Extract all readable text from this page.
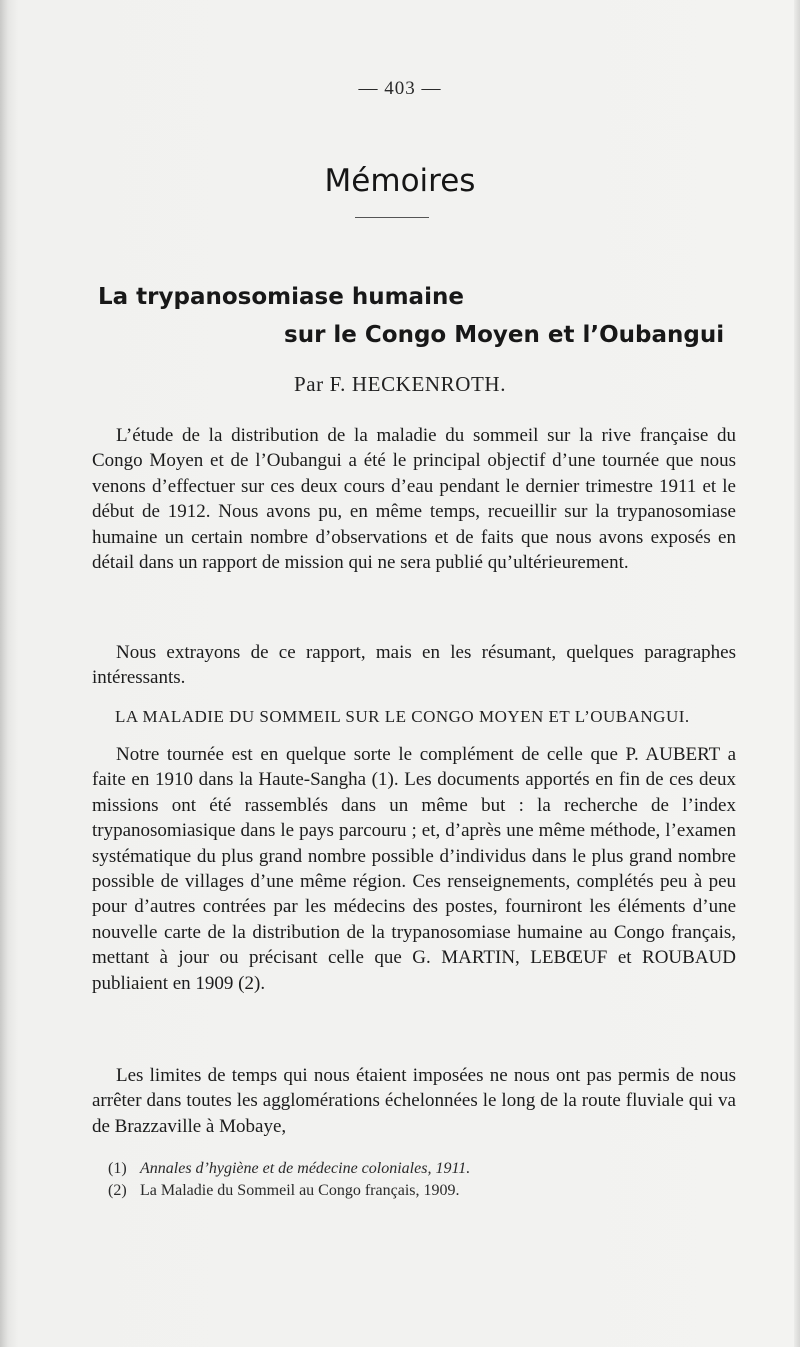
— 403 —
Mémoires
La trypanosomiase humaine
sur le Congo Moyen et l’Oubangui
Par F. HECKENROTH.

L’étude de la distribution de la maladie du sommeil sur la rive française du Congo Moyen et de l’Oubangui a été le principal objectif d’une tournée que nous venons d’effectuer sur ces deux cours d’eau pendant le dernier trimestre 1911 et le début de 1912. Nous avons pu, en même temps, recueillir sur la trypanosomiase humaine un certain nombre d’observations et de faits que nous avons exposés en détail dans un rapport de mission qui ne sera publié qu’ultérieurement.

Nous extrayons de ce rapport, mais en les résumant, quelques paragraphes intéressants.

LA MALADIE DU SOMMEIL SUR LE CONGO MOYEN ET L’OUBANGUI.

Notre tournée est en quelque sorte le complément de celle que P. AUBERT a faite en 1910 dans la Haute-Sangha (1). Les documents apportés en fin de ces deux missions ont été rassemblés dans un même but : la recherche de l’index trypanosomiasique dans le pays parcouru ; et, d’après une même méthode, l’examen systématique du plus grand nombre possible d’individus dans le plus grand nombre possible de villages d’une même région. Ces renseignements, complétés peu à peu pour d’autres contrées par les médecins des postes, fourniront les éléments d’une nouvelle carte de la distribution de la trypanosomiase humaine au Congo français, mettant à jour ou précisant celle que G. MARTIN, LEBŒUF et ROUBAUD publiaient en 1909 (2).

Les limites de temps qui nous étaient imposées ne nous ont pas permis de nous arrêter dans toutes les agglomérations échelonnées le long de la route fluviale qui va de Brazzaville à Mobaye,

(1) Annales d’hygiène et de médecine coloniales, 1911.
(2) La Maladie du Sommeil au Congo français, 1909.
